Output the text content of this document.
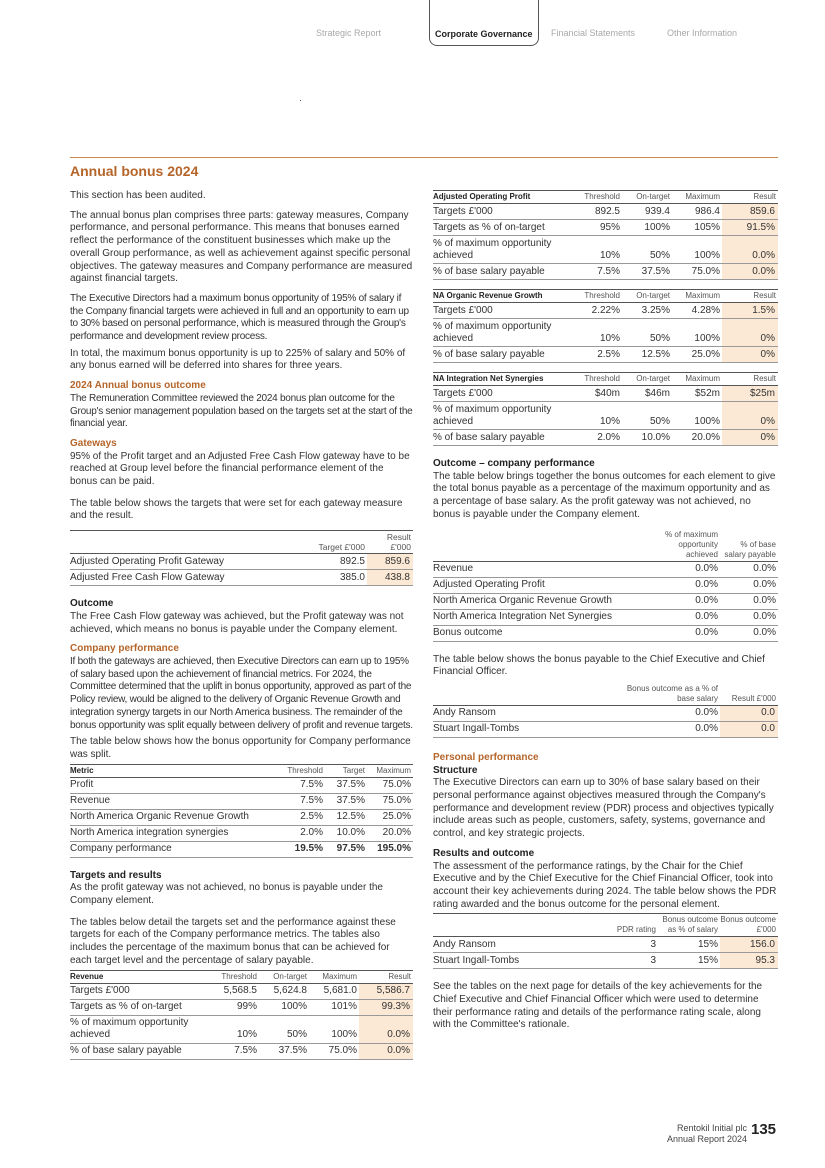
Strategic Report	Corporate Governance	Financial Statements	Other Information
Annual bonus 2024

This section has been audited.

The annual bonus plan comprises three parts: gateway measures, Company performance, and personal performance. This means that bonuses earned reflect the performance of the constituent businesses which make up the overall Group performance, as well as achievement against specific personal objectives. The gateway measures and Company performance are measured against financial targets.

The Executive Directors had a maximum bonus opportunity of 195% of salary if the Company financial targets were achieved in full and an opportunity to earn up to 30% based on personal performance, which is measured through the Group's performance and development review process.

In total, the maximum bonus opportunity is up to 225% of salary and 50% of any bonus earned will be deferred into shares for three years.

2024 Annual bonus outcome

The Remuneration Committee reviewed the 2024 bonus plan outcome for the Group's senior management population based on the targets set at the start of the financial year.

Gateways

95% of the Profit target and an Adjusted Free Cash Flow gateway have to be reached at Group level before the financial performance element of the bonus can be paid.

The table below shows the targets that were set for each gateway measure and the result.

	Target £'000	Result £'000
Adjusted Operating Profit Gateway	892.5	859.6
Adjusted Free Cash Flow Gateway	385.0	438.8

Outcome

The Free Cash Flow gateway was achieved, but the Profit gateway was not achieved, which means no bonus is payable under the Company element.

Company performance

If both the gateways are achieved, then Executive Directors can earn up to 195% of salary based upon the achievement of financial metrics. For 2024, the Committee determined that the uplift in bonus opportunity, approved as part of the Policy review, would be aligned to the delivery of Organic Revenue Growth and integration synergy targets in our North America business. The remainder of the bonus opportunity was split equally between delivery of profit and revenue targets.

The table below shows how the bonus opportunity for Company performance was split.

Metric	Threshold	Target	Maximum
Profit	7.5%	37.5%	75.0%
Revenue	7.5%	37.5%	75.0%
North America Organic Revenue Growth	2.5%	12.5%	25.0%
North America integration synergies	2.0%	10.0%	20.0%
Company performance	19.5%	97.5%	195.0%

Targets and results

As the profit gateway was not achieved, no bonus is payable under the Company element.

The tables below detail the targets set and the performance against these targets for each of the Company performance metrics. The tables also includes the percentage of the maximum bonus that can be achieved for each target level and the percentage of salary payable.

Revenue	Threshold	On-target	Maximum	Result
Targets £'000	5,568.5	5,624.8	5,681.0	5,586.7
Targets as % of on-target	99%	100%	101%	99.3%
% of maximum opportunity achieved	10%	50%	100%	0.0%
% of base salary payable	7.5%	37.5%	75.0%	0.0%
Adjusted Operating Profit	Threshold	On-target	Maximum	Result
Targets £'000	892.5	939.4	986.4	859.6
Targets as % of on-target	95%	100%	105%	91.5%
% of maximum opportunity achieved	10%	50%	100%	0.0%
% of base salary payable	7.5%	37.5%	75.0%	0.0%
NA Organic Revenue Growth	Threshold	On-target	Maximum	Result
Targets £'000	2.22%	3.25%	4.28%	1.5%
% of maximum opportunity achieved	10%	50%	100%	0%
% of base salary payable	2.5%	12.5%	25.0%	0%
NA Integration Net Synergies	Threshold	On-target	Maximum	Result
Targets £'000	$40m	$46m	$52m	$25m
% of maximum opportunity achieved	10%	50%	100%	0%
% of base salary payable	2.0%	10.0%	20.0%	0%

Outcome – company performance

The table below brings together the bonus outcomes for each element to give the total bonus payable as a percentage of the maximum opportunity and as a percentage of base salary. As the profit gateway was not achieved, no bonus is payable under the Company element.

	% of maximum opportunity achieved	% of base salary payable
Revenue	0.0%	0.0%
Adjusted Operating Profit	0.0%	0.0%
North America Organic Revenue Growth	0.0%	0.0%
North America Integration Net Synergies	0.0%	0.0%
Bonus outcome	0.0%	0.0%

The table below shows the bonus payable to the Chief Executive and Chief Financial Officer.

	Bonus outcome as a % of base salary	Result £'000
Andy Ransom	0.0%	0.0
Stuart Ingall-Tombs	0.0%	0.0

Personal performance

Structure

The Executive Directors can earn up to 30% of base salary based on their personal performance against objectives measured through the Company's performance and development review (PDR) process and objectives typically include areas such as people, customers, safety, systems, governance and control, and key strategic projects.

Results and outcome

The assessment of the performance ratings, by the Chair for the Chief Executive and by the Chief Executive for the Chief Financial Officer, took into account their key achievements during 2024. The table below shows the PDR rating awarded and the bonus outcome for the personal element.

	PDR rating	Bonus outcome as % of salary	Bonus outcome £'000
Andy Ransom	3	15%	156.0
Stuart Ingall-Tombs	3	15%	95.3

See the tables on the next page for details of the key achievements for the Chief Executive and Chief Financial Officer which were used to determine their performance rating and details of the performance rating scale, along with the Committee's rationale.

Rentokil Initial plc
Annual Report 2024
135
